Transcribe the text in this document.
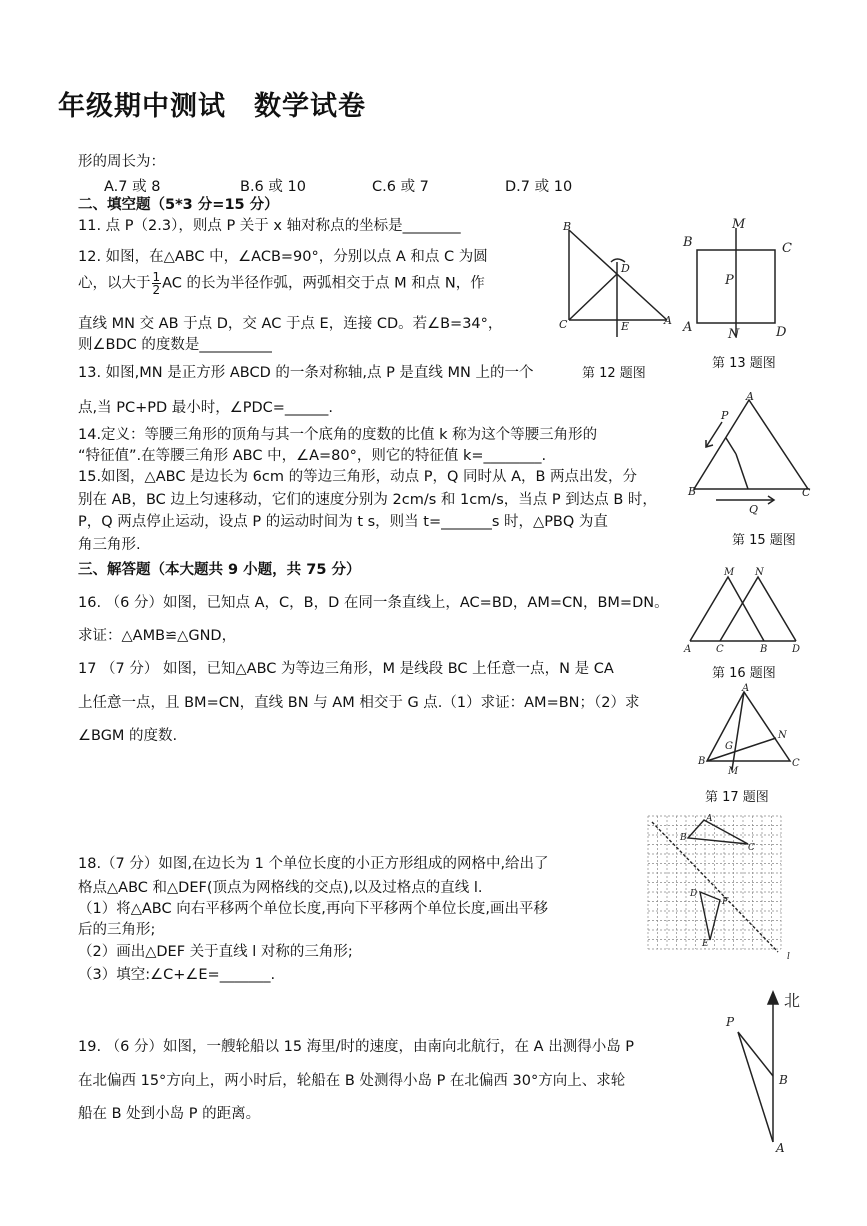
年级期中测试　数学试卷
形的周长为：
A.7 或 8	B.6 或 10	C.6 或 7	D.7 或 10
二、填空题（5*3 分=15 分）
11. 点 P（2.3），则点 P 关于 x 轴对称点的坐标是________
12. 如图，在△ABC 中，∠ACB=90°，分别以点 A 和点 C 为圆
心，以大于 $\frac{1}{2}$ AC 的长为半径作弧，两弧相交于点 M 和点 N，作
直线 MN 交 AB 于点 D，交 AC 于点 E，连接 CD。若∠B=34°，
则∠BDC 的度数是__________
13. 如图,MN 是正方形 ABCD 的一条对称轴,点 P 是直线 MN 上的一个	第 12 题图
点,当 PC+PD 最小时，∠PDC=______.
14.定义：等腰三角形的顶角与其一个底角的度数的比值 k 称为这个等腰三角形的
“特征值”.在等腰三角形 ABC 中，∠A=80°，则它的特征值 k=________.
15.如图，△ABC 是边长为 6cm 的等边三角形，动点 P，Q 同时从 A，B 两点出发，分
别在 AB，BC 边上匀速移动，它们的速度分别为 2cm/s 和 1cm/s，当点 P 到达点 B 时，
P，Q 两点停止运动，设点 P 的运动时间为 t s，则当 t=_______s 时，△PBQ 为直
角三角形.
三、解答题（本大题共 9 小题，共 75 分）
16. （6 分）如图，已知点 A，C，B，D 在同一条直线上，AC=BD，AM=CN，BM=DN。
求证：△AMB≌△GND，
17 （7 分） 如图，已知△ABC 为等边三角形，M 是线段 BC 上任意一点，N 是 CA
上任意一点，且 BM=CN，直线 BN 与 AM 相交于 G 点.（1）求证：AM=BN；（2）求
∠BGM 的度数.
18.（7 分）如图,在边长为 1 个单位长度的小正方形组成的网格中,给出了
格点△ABC 和△DEF(顶点为网格线的交点),以及过格点的直线 l.
（1）将△ABC 向右平移两个单位长度,再向下平移两个单位长度,画出平移
后的三角形;
（2）画出△DEF 关于直线 l 对称的三角形;
（3）填空:∠C+∠E=_______.
19. （6 分）如图，一艘轮船以 15 海里/时的速度，由南向北航行，在 A 出测得小岛 P
在北偏西 15°方向上，两小时后，轮船在 B 处测得小岛 P 在北偏西 30°方向上、求轮
船在 B 处到小岛 P 的距离。
B
C	A
D
E
M
B	C
P
A	N	D
第 13 题图
A
P
B	C
Q
第 15 题图
M N
A C	B D
第 16 题图
A
N
G
B
M
C
第 17 题图
A
B
C
D
F
E
l
北
P
B
A
